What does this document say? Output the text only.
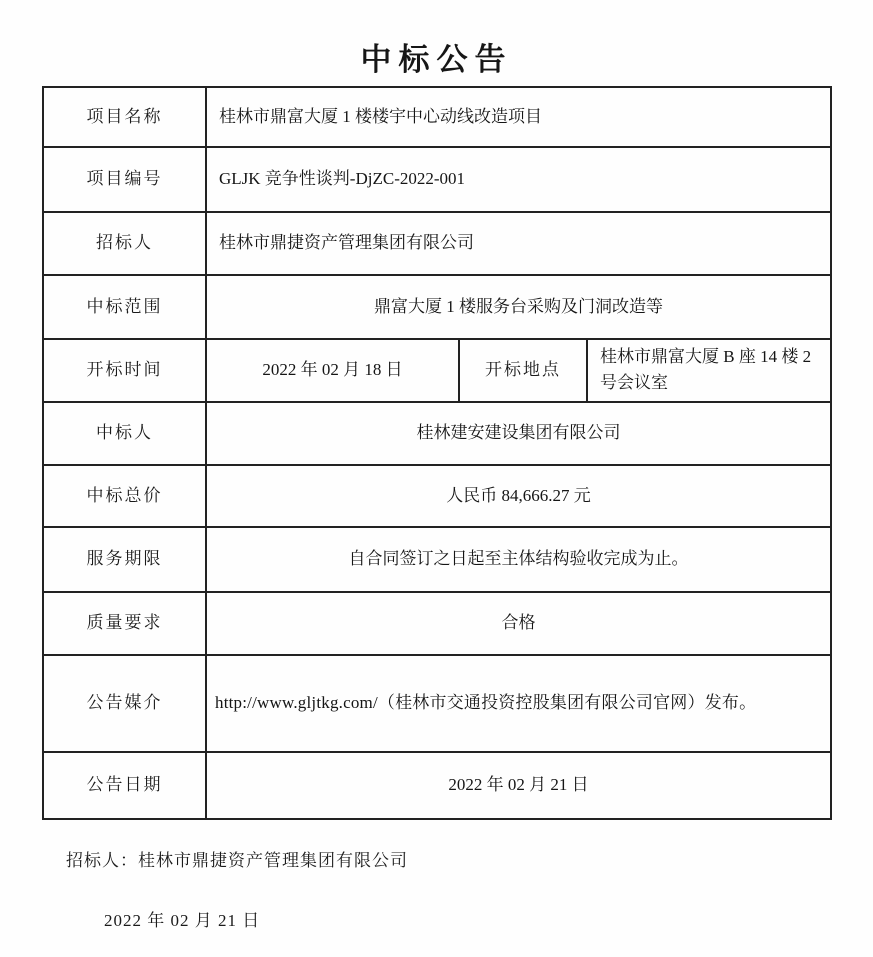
中标公告
项目名称	桂林市鼎富大厦 1 楼楼宇中心动线改造项目		
项目编号	GLJK 竞争性谈判-DjZC-2022-001		
招标人	桂林市鼎捷资产管理集团有限公司		
中标范围	鼎富大厦 1 楼服务台采购及门洞改造等		
开标时间	2022 年 02 月 18 日	开标地点	桂林市鼎富大厦 B 座 14 楼 2 号会议室
中标人	桂林建安建设集团有限公司		
中标总价	人民币 84,666.27 元		
服务期限	自合同签订之日起至主体结构验收完成为止。		
质量要求	合格		
公告媒介	http://www.gljtkg.com/（桂林市交通投资控股集团有限公司官网）发布。		
公告日期	2022 年 02 月 21 日		
招标人：桂林市鼎捷资产管理集团有限公司
2022 年 02 月 21 日
